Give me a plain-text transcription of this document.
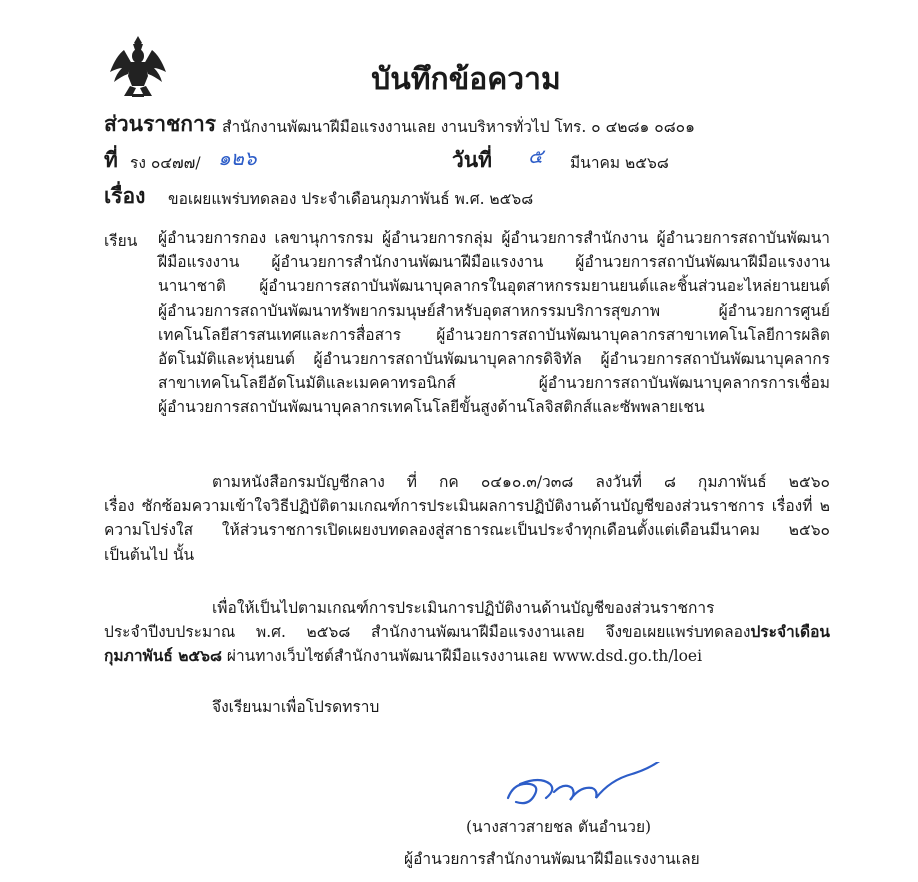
บันทึกข้อความ
ส่วนราชการ สำนักงานพัฒนาฝีมือแรงงานเลย งานบริหารทั่วไป โทร. ๐ ๔๒๘๑ ๐๘๐๑
ที่ รง ๐๔๗๗/ ๑๒๖	วันที่ ๕ มีนาคม ๒๕๖๘
เรื่อง ขอเผยแพร่บทดลอง ประจำเดือนกุมภาพันธ์ พ.ศ. ๒๕๖๘
เรียน ผู้อำนวยการกอง เลขานุการกรม ผู้อำนวยการกลุ่ม ผู้อำนวยการสำนักงาน ผู้อำนวยการสถาบันพัฒนา
ฝีมือแรงงาน ผู้อำนวยการสำนักงานพัฒนาฝีมือแรงงาน ผู้อำนวยการสถาบันพัฒนาฝีมือแรงงาน
นานาชาติ ผู้อำนวยการสถาบันพัฒนาบุคลากรในอุตสาหกรรมยานยนต์และชิ้นส่วนอะไหล่ยานยนต์
ผู้อำนวยการสถาบันพัฒนาทรัพยากรมนุษย์สำหรับอุตสาหกรรมบริการสุขภาพ ผู้อำนวยการศูนย์
เทคโนโลยีสารสนเทศและการสื่อสาร ผู้อำนวยการสถาบันพัฒนาบุคลากรสาขาเทคโนโลยีการผลิต
อัตโนมัติและหุ่นยนต์ ผู้อำนวยการสถาบันพัฒนาบุคลากรดิจิทัล ผู้อำนวยการสถาบันพัฒนาบุคลากร
สาขาเทคโนโลยีอัตโนมัติและเมคคาทรอนิกส์ ผู้อำนวยการสถาบันพัฒนาบุคลากรการเชื่อม
ผู้อำนวยการสถาบันพัฒนาบุคลากรเทคโนโลยีขั้นสูงด้านโลจิสติกส์และซัพพลายเชน
ตามหนังสือกรมบัญชีกลาง ที่ กค ๐๔๑๐.๓/ว๓๘ ลงวันที่ ๘ กุมภาพันธ์ ๒๕๖๐
เรื่อง ซักซ้อมความเข้าใจวิธีปฏิบัติตามเกณฑ์การประเมินผลการปฏิบัติงานด้านบัญชีของส่วนราชการ เรื่องที่ ๒
ความโปร่งใส ให้ส่วนราชการเปิดเผยงบทดลองสู่สาธารณะเป็นประจำทุกเดือนตั้งแต่เดือนมีนาคม ๒๕๖๐
เป็นต้นไป นั้น
เพื่อให้เป็นไปตามเกณฑ์การประเมินการปฏิบัติงานด้านบัญชีของส่วนราชการ
ประจำปีงบประมาณ พ.ศ. ๒๕๖๘ สำนักงานพัฒนาฝีมือแรงงานเลย จึงขอเผยแพร่บทดลองประจำเดือน
กุมภาพันธ์ ๒๕๖๘ ผ่านทางเว็บไซต์สำนักงานพัฒนาฝีมือแรงงานเลย www.dsd.go.th/loei
จึงเรียนมาเพื่อโปรดทราบ
(นางสาวสายชล ตันอำนวย)
ผู้อำนวยการสำนักงานพัฒนาฝีมือแรงงานเลย
